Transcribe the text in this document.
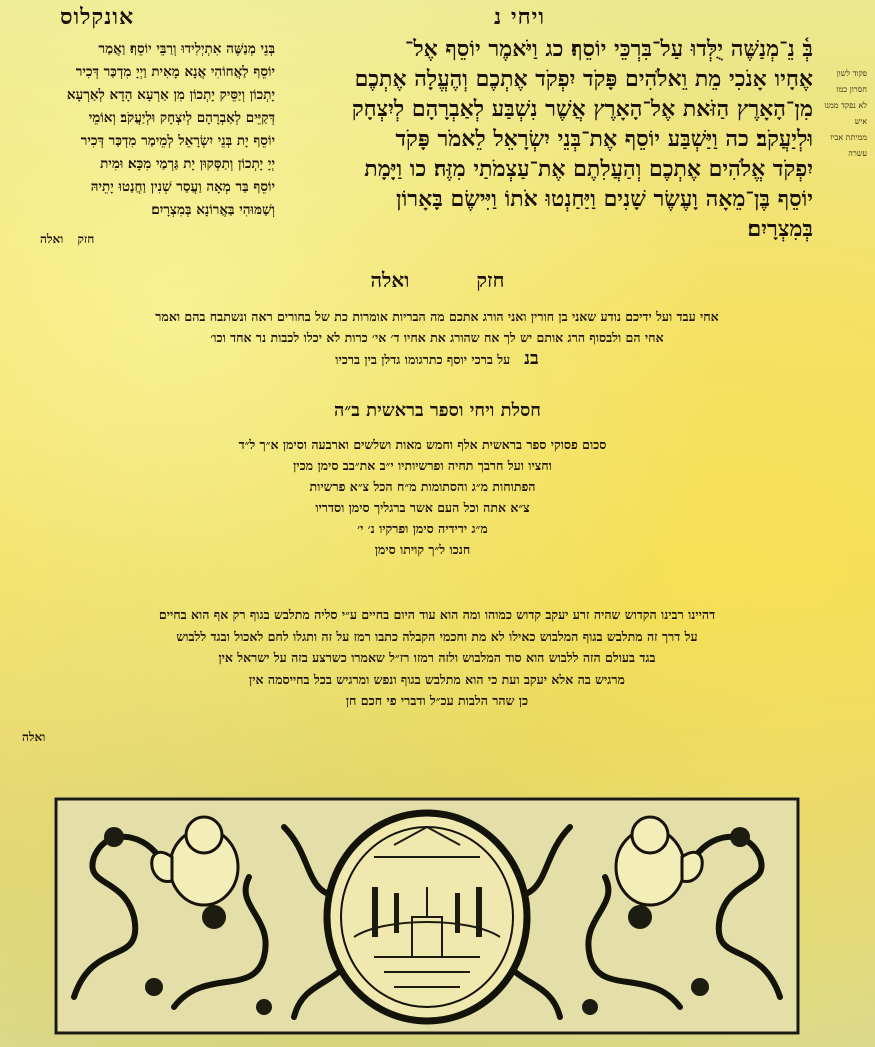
ויחי נ
אונקלוס
פקוד לשון
חסרון כמו
לא נפקד ממנו
איש
ממיתת אביו
עשרה
בְּ֫ נֵ־מְנַשֶּׁה יֻלְּדוּ עַל־בִּרְכֵּי יוֹסֵף׃ כג וַיֹּאמֶר יוֹסֵף אֶל־
אֶחָיו אָנֹכִי מֵת וֵאלֹהִים פָּקֹד יִפְקֹד אֶתְכֶם וְהֶעֱלָה אֶתְכֶם
מִן־הָאָרֶץ הַזֹּאת אֶל־הָאָרֶץ אֲשֶׁר נִשְׁבַּע לְאַבְרָהָם לְיִצְחָק
וּלְיַעֲקֹב׃ כה וַיַּשְׁבַּע יוֹסֵף אֶת־בְּנֵי יִשְׂרָאֵל לֵאמֹר פָּקֹד
יִפְקֹד אֱלֹהִים אֶתְכֶם וְהַעֲלִתֶם אֶת־עַצְמֹתַי מִזֶּה׃ כו וַיָּמָת
יוֹסֵף בֶּן־מֵאָה וָעֶשֶׂר שָׁנִים וַיַּחַנְטוּ אֹתוֹ וַיִּישֶׂם בָּאָרוֹן
בְּמִצְרָיִם׃
בְּנֵי מְנַשֶּׁה אִתְיְלִידוּ וְרַבֵּי יוֹסֵף׃ וַאֲמַר
יוֹסֵף לַאֲחוֹהִי אֲנָא מָאִית וַיְיָ מִדְכַּר דְּכִיר
יָתְכוֹן וְיַסֵּיק יָתְכוֹן מִן אַרְעָא הָדָא לְאַרְעָא
דְּקַיֵּים לְאַבְרָהָם לְיִצְחָק וּלְיַעֲקֹב׃ וְאוֹמֵי
יוֹסֵף יָת בְּנֵי יִשְׂרָאֵל לְמֵימַר מִדְכַּר דְּכִיר
יְיָ יָתְכוֹן וְתַסְּקוּן יָת גַּרְמַי מִכָּא׃ וּמִית
יוֹסֵף בַּר מְאָה וַעֲסַר שְׁנִין וַחֲנַטוּ יָתֵיהּ
וְשַׁמּוּהִי בַּאֲרוֹנָא בְּמִצְרָיִם׃
חזק ואלה
חזק ואלה
אחי עבד ועל ידיכם נודע שאני בן חורין ואני הורג אתכם מה הבריות אומרות כת של בחורים ראה ונשתבח בהם ואמר
אחי הם ולבסוף הרג אותם יש לך אח שהורג את אחיו ד׳ אי׳ כרות לא יכלו לכבות נר אחד וכו׳
בנעל ברכי יוסף כתרגומו גדלן בין ברכיו
חסלת ויחי וספר בראשית ב״ה
סכום פסוקי ספר בראשית אלף וחמש מאות ושלשים וארבעה וסימן א״ך ל״ד
וחציו ועל חרבך תחיה ופרשיותיו י״ב את״בב סימן מכין
הפתוחות מ״ג והסתומות מ״ח הכל צ״א פרשיות
צ״א אתה וכל העם אשר ברגליך סימן וסדריו
מ״ג ידידיה סימן ופרקיו נ׳ י׳
חנכו ל״ך קויתו סימן
דהיינו רבינו הקדוש שהיה זרע יעקב קדוש כמוהו ומה הוא עוד היום בחיים ע״י סליה מתלבש בגוף רק אף הוא בחיים
על דרך זה מתלבש בגוף המלבוש כאילו לא מת וחכמי הקבלה כתבו רמז על זה ותגלו לחם לאכול ובגד ללבוש
בגד בעולם הזה ללבוש הוא סוד המלבוש ולזה רמזו רז״ל שאמרו כשרצע בזה על ישראל אין
מרגיש בה אלא יעקב ועת כי הוא מתלבש בגוף ונפש ומרגיש בכל בחייסמה אין
כן שהר הלבות עכ״ל ודברי פי חכם חן
ואלה
